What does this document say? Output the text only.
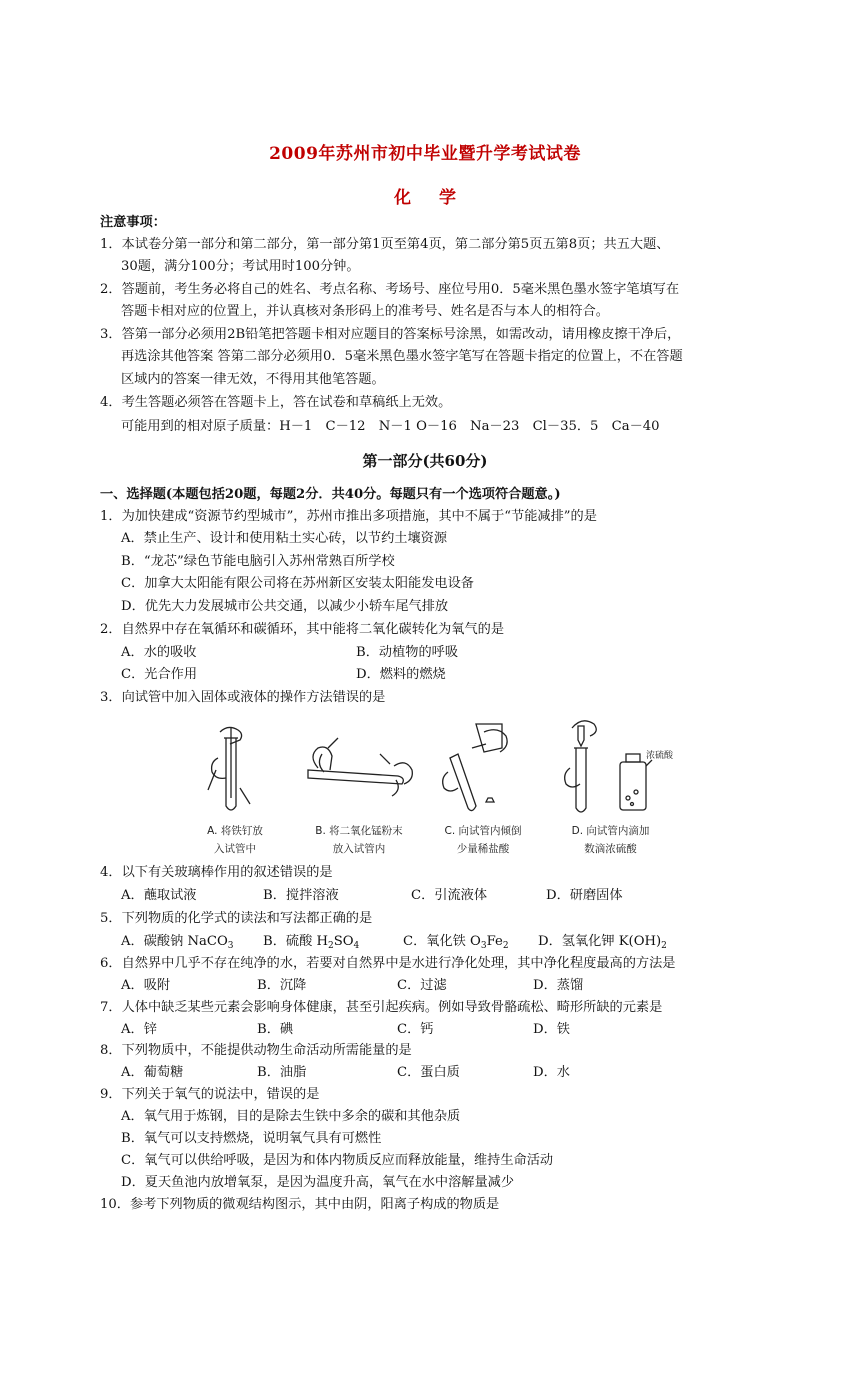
2009年苏州市初中毕业暨升学考试试卷
化学
注意事项：
1．本试卷分第一部分和第二部分，第一部分第1页至第4页，第二部分第5页五第8页；共五大题、
30题，满分100分；考试用时100分钟。
2．答题前，考生务必将自己的姓名、考点名称、考场号、座位号用0．5毫米黑色墨水签字笔填写在
答题卡相对应的位置上，并认真核对条形码上的准考号、姓名是否与本人的相符合。
3．答第一部分必须用2B铅笔把答题卡相对应题目的答案标号涂黑，如需改动，请用橡皮擦干净后，
再选涂其他答案 答第二部分必须用0．5毫米黑色墨水签字笔写在答题卡指定的位置上，不在答题
区域内的答案一律无效，不得用其他笔答题。
4．考生答题必须答在答题卡上，答在试卷和草稿纸上无效。
可能用到的相对原子质量：H－1　C－12　N－1 O－16　Na－23　Cl－35．5　Ca－40
第一部分(共60分)
一、选择题(本题包括20题，每题2分．共40分。每题只有一个选项符合题意。)
1．为加快建成“资源节约型城市”，苏州市推出多项措施，其中不属于“节能减排”的是
A．禁止生产、设计和使用粘土实心砖，以节约土壤资源
B．“龙芯”绿色节能电脑引入苏州常熟百所学校
C．加拿大太阳能有限公司将在苏州新区安装太阳能发电设备
D．优先大力发展城市公共交通，以减少小轿车尾气排放
2．自然界中存在氧循环和碳循环，其中能将二氧化碳转化为氧气的是
A．水的吸收	B．动植物的呼吸
C．光合作用	D．燃料的燃烧
3．向试管中加入固体或液体的操作方法错误的是
A. 将铁钉放
入试管中
B. 将二氧化锰粉末
放入试管内
C. 向试管内倾倒
少量稀盐酸
浓硫酸
D. 向试管内滴加
数滴浓硫酸
4．以下有关玻璃棒作用的叙述错误的是
A．蘸取试液	B．搅拌溶液	C．引流液体	D．研磨固体
5．下列物质的化学式的读法和写法都正确的是
A．碳酸钠 NaCO$_3$ B．硫酸 $H_2SO_4$	C．氧化铁 $O_3Fe_2$ D．氢氧化钾 $K(OH)_2$
6．自然界中几乎不存在纯净的水，若要对自然界中是水进行净化处理，其中净化程度最高的方法是
A．吸附	B．沉降	C．过滤	D．蒸馏
7．人体中缺乏某些元素会影响身体健康，甚至引起疾病。例如导致骨骼疏松、畸形所缺的元素是
A．锌	B．碘	C．钙	D．铁
8．下列物质中，不能提供动物生命活动所需能量的是
A．葡萄糖	B．油脂	C．蛋白质	D．水
9．下列关于氧气的说法中，错误的是
A．氧气用于炼钢，目的是除去生铁中多余的碳和其他杂质
B．氧气可以支持燃烧，说明氧气具有可燃性
C．氧气可以供给呼吸，是因为和体内物质反应而释放能量，维持生命活动
D．夏天鱼池内放增氧泵，是因为温度升高，氧气在水中溶解量减少
10．参考下列物质的微观结构图示，其中由阴，阳离子构成的物质是
